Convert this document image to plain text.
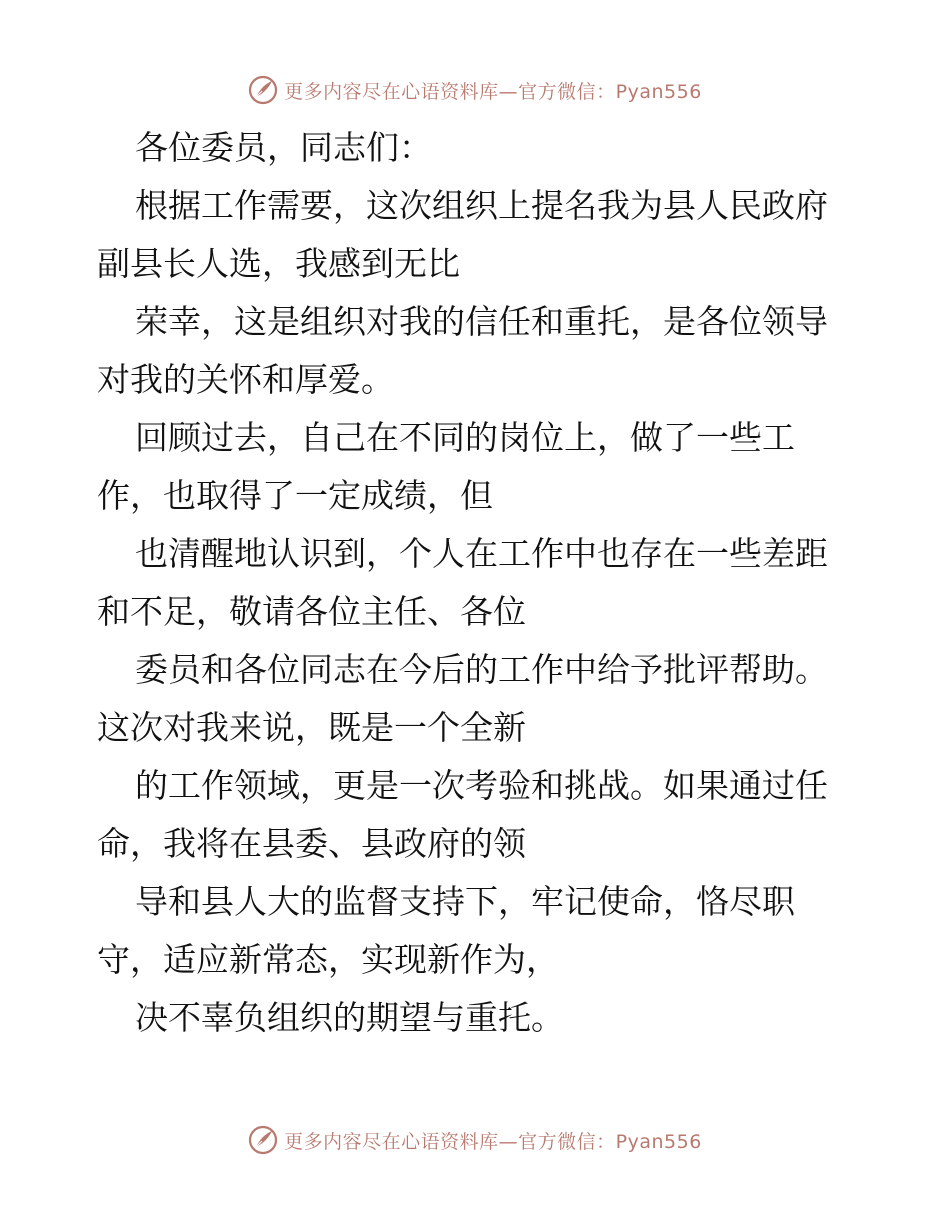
更多内容尽在心语资料库—官方微信：Pyan556
各位委员，同志们：
根据工作需要，这次组织上提名我为县人民政府
副县长人选，我感到无比
荣幸，这是组织对我的信任和重托，是各位领导
对我的关怀和厚爱。
回顾过去，自己在不同的岗位上，做了一些工
作，也取得了一定成绩，但
也清醒地认识到，个人在工作中也存在一些差距
和不足，敬请各位主任、各位
委员和各位同志在今后的工作中给予批评帮助。
这次对我来说，既是一个全新
的工作领域，更是一次考验和挑战。如果通过任
命，我将在县委、县政府的领
导和县人大的监督支持下，牢记使命，恪尽职
守，适应新常态，实现新作为，
决不辜负组织的期望与重托。
更多内容尽在心语资料库—官方微信：Pyan556
